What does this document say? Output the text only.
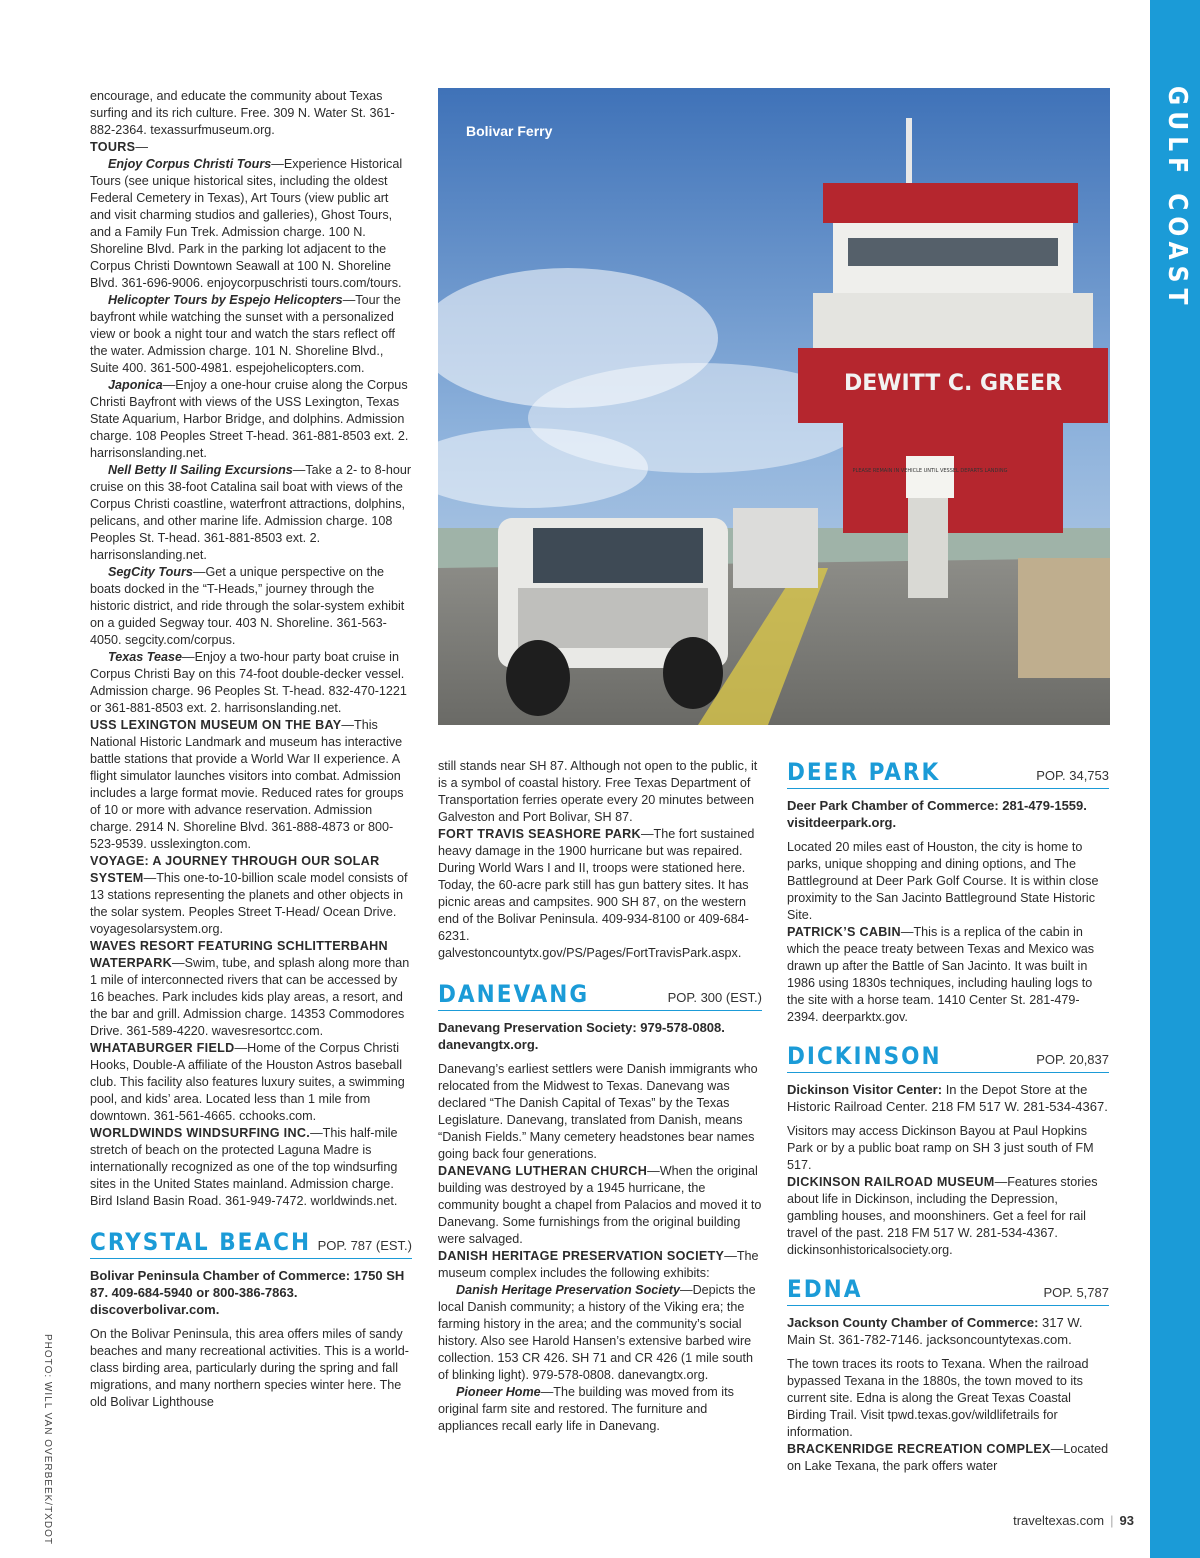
GULF COAST
PHOTO: WILL VAN OVERBEEK/TXDOT

encourage, and educate the community about Texas surfing and its rich culture. Free. 309 N. Water St. 361-882-2364. texassurfmuseum.org.

TOURS—

Enjoy Corpus Christi Tours—Experience Historical Tours (see unique historical sites, including the oldest Federal Cemetery in Texas), Art Tours (view public art and visit charming studios and galleries), Ghost Tours, and a Family Fun Trek. Admission charge. 100 N. Shoreline Blvd. Park in the parking lot adjacent to the Corpus Christi Downtown Seawall at 100 N. Shoreline Blvd. 361-696-9006. enjoycorpuschristi tours.com/tours.

Helicopter Tours by Espejo Helicopters—Tour the bayfront while watching the sunset with a personalized view or book a night tour and watch the stars reflect off the water. Admission charge. 101 N. Shoreline Blvd., Suite 400. 361-500-4981. espejohelicopters.com.

Japonica—Enjoy a one-hour cruise along the Corpus Christi Bayfront with views of the USS Lexington, Texas State Aquarium, Harbor Bridge, and dolphins. Admission charge. 108 Peoples Street T-head. 361-881-8503 ext. 2. harrisonslanding.net.

Nell Betty II Sailing Excursions—Take a 2- to 8-hour cruise on this 38-foot Catalina sail boat with views of the Corpus Christi coastline, waterfront attractions, dolphins, pelicans, and other marine life. Admission charge. 108 Peoples St. T-head. 361-881-8503 ext. 2. harrisonslanding.net.

SegCity Tours—Get a unique perspective on the boats docked in the “T-Heads,” journey through the historic district, and ride through the solar-system exhibit on a guided Segway tour. 403 N. Shoreline. 361-563-4050. segcity.com/corpus.

Texas Tease—Enjoy a two-hour party boat cruise in Corpus Christi Bay on this 74-foot double-decker vessel. Admission charge. 96 Peoples St. T-head. 832-470-1221 or 361-881-8503 ext. 2. harrisonslanding.net.

USS LEXINGTON MUSEUM ON THE BAY—This National Historic Landmark and museum has interactive battle stations that provide a World War II experience. A flight simulator launches visitors into combat. Admission includes a large format movie. Reduced rates for groups of 10 or more with advance reservation. Admission charge. 2914 N. Shoreline Blvd. 361-888-4873 or 800-523-9539. usslexington.com.

VOYAGE: A JOURNEY THROUGH OUR SOLAR SYSTEM—This one-to-10-billion scale model consists of 13 stations representing the planets and other objects in the solar system. Peoples Street T-Head/ Ocean Drive. voyagesolarsystem.org.

WAVES RESORT FEATURING SCHLITTERBAHN WATERPARK—Swim, tube, and splash along more than 1 mile of interconnected rivers that can be accessed by 16 beaches. Park includes kids play areas, a resort, and the bar and grill. Admission charge. 14353 Commodores Drive. 361-589-4220. wavesresortcc.com.

WHATABURGER FIELD—Home of the Corpus Christi Hooks, Double-A affiliate of the Houston Astros baseball club. This facility also features luxury suites, a swimming pool, and kids’ area. Located less than 1 mile from downtown. 361-561-4665. cchooks.com.

WORLDWINDS WINDSURFING INC.—This half-mile stretch of beach on the protected Laguna Madre is internationally recognized as one of the top windsurfing sites in the United States mainland. Admission charge. Bird Island Basin Road. 361-949-7472. worldwinds.net.

CRYSTAL BEACH POP. 787 (EST.)

Bolivar Peninsula Chamber of Commerce: 1750 SH 87. 409-684-5940 or 800-386-7863. discoverbolivar.com.

On the Bolivar Peninsula, this area offers miles of sandy beaches and many recreational activities. This is a world-class birding area, particularly during the spring and fall migrations, and many northern species winter here. The old Bolivar Lighthouse

DEWITT C. GREER
PLEASE REMAIN IN VEHICLE UNTIL VESSEL DEPARTS LANDING
Bolivar Ferry

still stands near SH 87. Although not open to the public, it is a symbol of coastal history. Free Texas Department of Transportation ferries operate every 20 minutes between Galveston and Port Bolivar, SH 87.

FORT TRAVIS SEASHORE PARK—The fort sustained heavy damage in the 1900 hurricane but was repaired. During World Wars I and II, troops were stationed here. Today, the 60-acre park still has gun battery sites. It has picnic areas and campsites. 900 SH 87, on the western end of the Bolivar Peninsula. 409-934-8100 or 409-684-6231. galvestoncountytx.gov/PS/Pages/FortTravisPark.aspx.

DANEVANG	POP. 300 (EST.)

Danevang Preservation Society: 979-578-0808. danevangtx.org.

Danevang’s earliest settlers were Danish immigrants who relocated from the Midwest to Texas. Danevang was declared “The Danish Capital of Texas” by the Texas Legislature. Danevang, translated from Danish, means “Danish Fields.” Many cemetery headstones bear names going back four generations.

DANEVANG LUTHERAN CHURCH—When the original building was destroyed by a 1945 hurricane, the community bought a chapel from Palacios and moved it to Danevang. Some furnishings from the original building were salvaged.

DANISH HERITAGE PRESERVATION SOCIETY—The museum complex includes the following exhibits:

Danish Heritage Preservation Society—Depicts the local Danish community; a history of the Viking era; the farming history in the area; and the community’s social history. Also see Harold Hansen’s extensive barbed wire collection. 153 CR 426. SH 71 and CR 426 (1 mile south of blinking light). 979-578-0808. danevangtx.org.

Pioneer Home—The building was moved from its original farm site and restored. The furniture and appliances recall early life in Danevang.

DEER PARK	POP. 34,753

Deer Park Chamber of Commerce: 281-479-1559. visitdeerpark.org.

Located 20 miles east of Houston, the city is home to parks, unique shopping and dining options, and The Battleground at Deer Park Golf Course. It is within close proximity to the San Jacinto Battleground State Historic Site.

PATRICK’S CABIN—This is a replica of the cabin in which the peace treaty between Texas and Mexico was drawn up after the Battle of San Jacinto. It was built in 1986 using 1830s techniques, including hauling logs to the site with a horse team. 1410 Center St. 281-479-2394. deerparktx.gov.

DICKINSON	POP. 20,837

Dickinson Visitor Center: In the Depot Store at the Historic Railroad Center. 218 FM 517 W. 281-534-4367.

Visitors may access Dickinson Bayou at Paul Hopkins Park or by a public boat ramp on SH 3 just south of FM 517.

DICKINSON RAILROAD MUSEUM—Features stories about life in Dickinson, including the Depression, gambling houses, and moonshiners. Get a feel for rail travel of the past. 218 FM 517 W. 281-534-4367. dickinsonhistoricalsociety.org.

EDNA	POP. 5,787

Jackson County Chamber of Commerce: 317 W. Main St. 361-782-7146. jacksoncountytexas.com.

The town traces its roots to Texana. When the railroad bypassed Texana in the 1880s, the town moved to its current site. Edna is along the Great Texas Coastal Birding Trail. Visit tpwd.texas.gov/wildlifetrails for information.

BRACKENRIDGE RECREATION COMPLEX—Located on Lake Texana, the park offers water

traveltexas.com | 93
